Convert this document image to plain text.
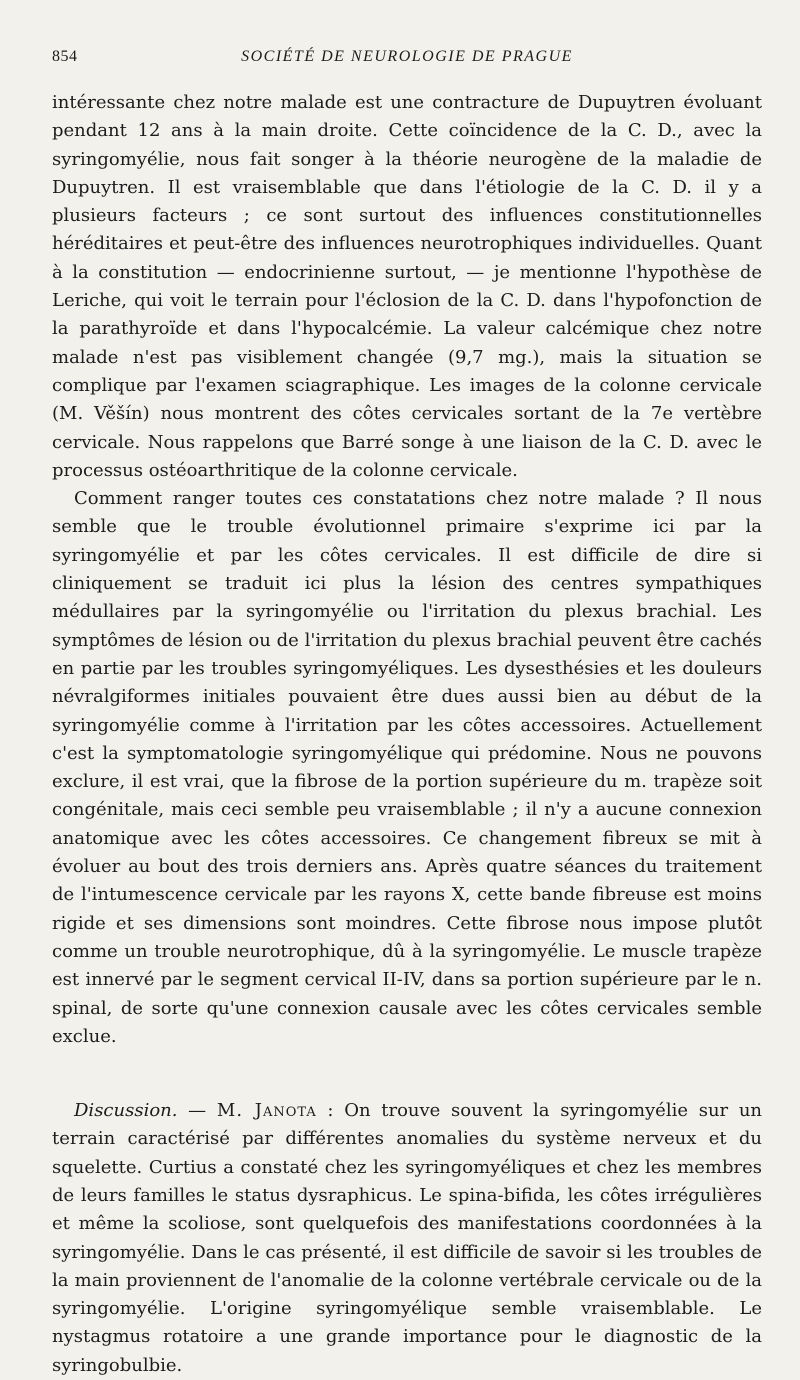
854	SOCIÉTÉ DE NEUROLOGIE DE PRAGUE

intéressante chez notre malade est une contracture de Dupuytren évoluant pendant 12 ans à la main droite. Cette coïncidence de la C. D., avec la syringomyélie, nous fait songer à la théorie neurogène de la maladie de Dupuytren. Il est vraisemblable que dans l'étiologie de la C. D. il y a plusieurs facteurs ; ce sont surtout des influences constitutionnelles héréditaires et peut-être des influences neurotrophiques individuelles. Quant à la constitution — endocrinienne surtout, — je mentionne l'hypothèse de Leriche, qui voit le terrain pour l'éclosion de la C. D. dans l'hypofonction de la parathyroïde et dans l'hypocalcémie. La valeur calcémique chez notre malade n'est pas visiblement changée (9,7 mg.), mais la situation se complique par l'examen sciagraphique. Les images de la colonne cervicale (M. Věšín) nous montrent des côtes cervicales sortant de la 7e vertèbre cervicale. Nous rappelons que Barré songe à une liaison de la C. D. avec le processus ostéoarthritique de la colonne cervicale.

Comment ranger toutes ces constatations chez notre malade ? Il nous semble que le trouble évolutionnel primaire s'exprime ici par la syringomyélie et par les côtes cervicales. Il est difficile de dire si cliniquement se traduit ici plus la lésion des centres sympathiques médullaires par la syringomyélie ou l'irritation du plexus brachial. Les symptômes de lésion ou de l'irritation du plexus brachial peuvent être cachés en partie par les troubles syringomyéliques. Les dysesthésies et les douleurs névralgiformes initiales pouvaient être dues aussi bien au début de la syringomyélie comme à l'irritation par les côtes accessoires. Actuellement c'est la symptomatologie syringomyélique qui prédomine. Nous ne pouvons exclure, il est vrai, que la fibrose de la portion supérieure du m. trapèze soit congénitale, mais ceci semble peu vraisemblable ; il n'y a aucune connexion anatomique avec les côtes accessoires. Ce changement fibreux se mit à évoluer au bout des trois derniers ans. Après quatre séances du traitement de l'intumescence cervicale par les rayons X, cette bande fibreuse est moins rigide et ses dimensions sont moindres. Cette fibrose nous impose plutôt comme un trouble neurotrophique, dû à la syringomyélie. Le muscle trapèze est innervé par le segment cervical II-IV, dans sa portion supérieure par le n. spinal, de sorte qu'une connexion causale avec les côtes cervicales semble exclue.

Discussion. — M. Janota : On trouve souvent la syringomyélie sur un terrain caractérisé par différentes anomalies du système nerveux et du squelette. Curtius a constaté chez les syringomyéliques et chez les membres de leurs familles le status dysraphicus. Le spina-bifida, les côtes irrégulières et même la scoliose, sont quelquefois des manifestations coordonnées à la syringomyélie. Dans le cas présenté, il est difficile de savoir si les troubles de la main proviennent de l'anomalie de la colonne vertébrale cervicale ou de la syringomyélie. L'origine syringomyélique semble vraisemblable. Le nystagmus rotatoire a une grande importance pour le diagnostic de la syringobulbie.
